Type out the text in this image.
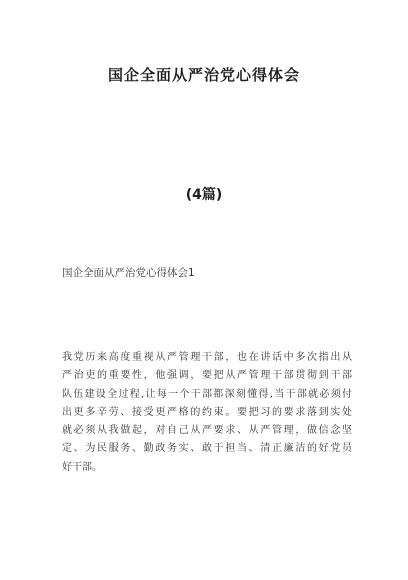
国企全面从严治党心得体会
(4篇)
国企全面从严治党心得体会1
我党历来高度重视从严管理干部，也在讲话中多次指出从
严治吏的重要性，他强调，要把从严管理干部贯彻到干部
队伍建设全过程,让每一个干部都深刻懂得,当干部就必须付
出更多辛劳、接受更严格的约束。要把习的要求落到实处
就必须从我做起，对自己从严要求、从严管理，做信念坚
定、为民服务、勤政务实、敢于担当、清正廉洁的好党员
好干部。
